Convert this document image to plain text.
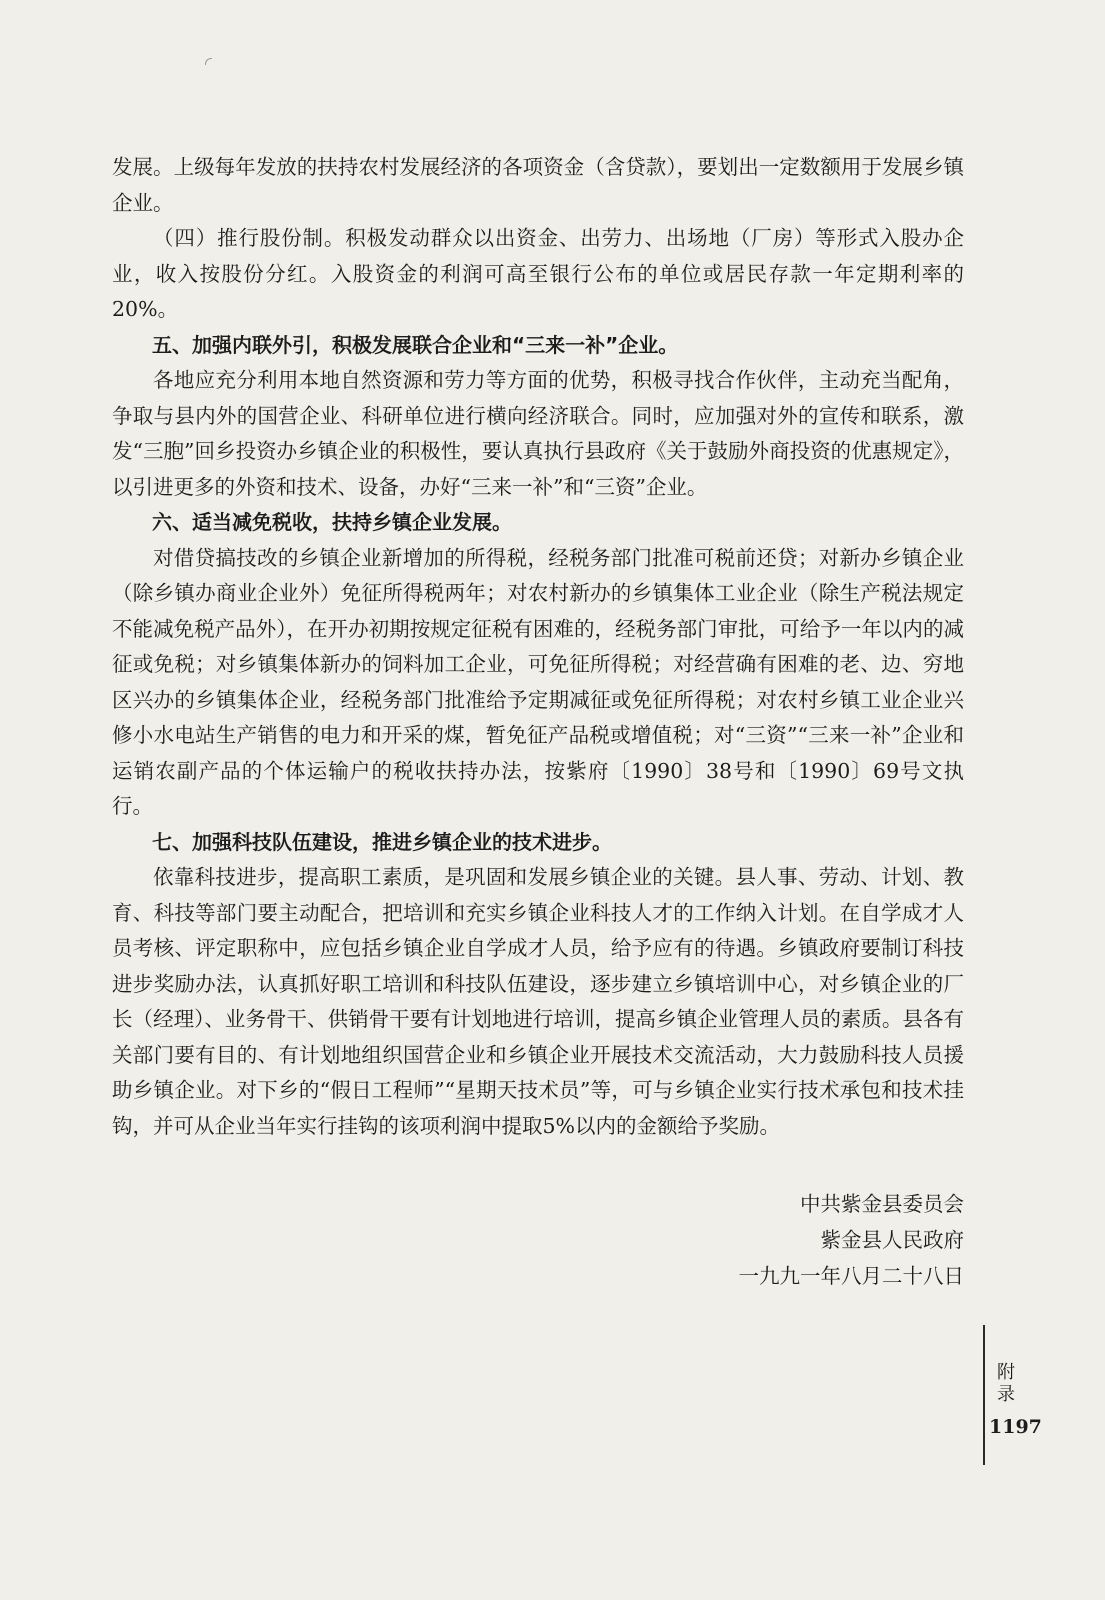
发展。上级每年发放的扶持农村发展经济的各项资金（含贷款），要划出一定数额用于发展乡镇企业。

（四）推行股份制。积极发动群众以出资金、出劳力、出场地（厂房）等形式入股办企业，收入按股份分红。入股资金的利润可高至银行公布的单位或居民存款一年定期利率的20%。

五、加强内联外引，积极发展联合企业和“三来一补”企业。

各地应充分利用本地自然资源和劳力等方面的优势，积极寻找合作伙伴，主动充当配角，争取与县内外的国营企业、科研单位进行横向经济联合。同时，应加强对外的宣传和联系，激发“三胞”回乡投资办乡镇企业的积极性，要认真执行县政府《关于鼓励外商投资的优惠规定》，以引进更多的外资和技术、设备，办好“三来一补”和“三资”企业。

六、适当减免税收，扶持乡镇企业发展。

对借贷搞技改的乡镇企业新增加的所得税，经税务部门批准可税前还贷；对新办乡镇企业（除乡镇办商业企业外）免征所得税两年；对农村新办的乡镇集体工业企业（除生产税法规定不能减免税产品外），在开办初期按规定征税有困难的，经税务部门审批，可给予一年以内的减征或免税；对乡镇集体新办的饲料加工企业，可免征所得税；对经营确有困难的老、边、穷地区兴办的乡镇集体企业，经税务部门批准给予定期减征或免征所得税；对农村乡镇工业企业兴修小水电站生产销售的电力和开采的煤，暂免征产品税或增值税；对“三资”“三来一补”企业和运销农副产品的个体运输户的税收扶持办法，按紫府〔1990〕38号和〔1990〕69号文执行。

七、加强科技队伍建设，推进乡镇企业的技术进步。

依靠科技进步，提高职工素质，是巩固和发展乡镇企业的关键。县人事、劳动、计划、教育、科技等部门要主动配合，把培训和充实乡镇企业科技人才的工作纳入计划。在自学成才人员考核、评定职称中，应包括乡镇企业自学成才人员，给予应有的待遇。乡镇政府要制订科技进步奖励办法，认真抓好职工培训和科技队伍建设，逐步建立乡镇培训中心，对乡镇企业的厂长（经理）、业务骨干、供销骨干要有计划地进行培训，提高乡镇企业管理人员的素质。县各有关部门要有目的、有计划地组织国营企业和乡镇企业开展技术交流活动，大力鼓励科技人员援助乡镇企业。对下乡的“假日工程师”“星期天技术员”等，可与乡镇企业实行技术承包和技术挂钩，并可从企业当年实行挂钩的该项利润中提取5%以内的金额给予奖励。

中共紫金县委员会
紫金县人民政府
一九九一年八月二十八日
附
录
1197
